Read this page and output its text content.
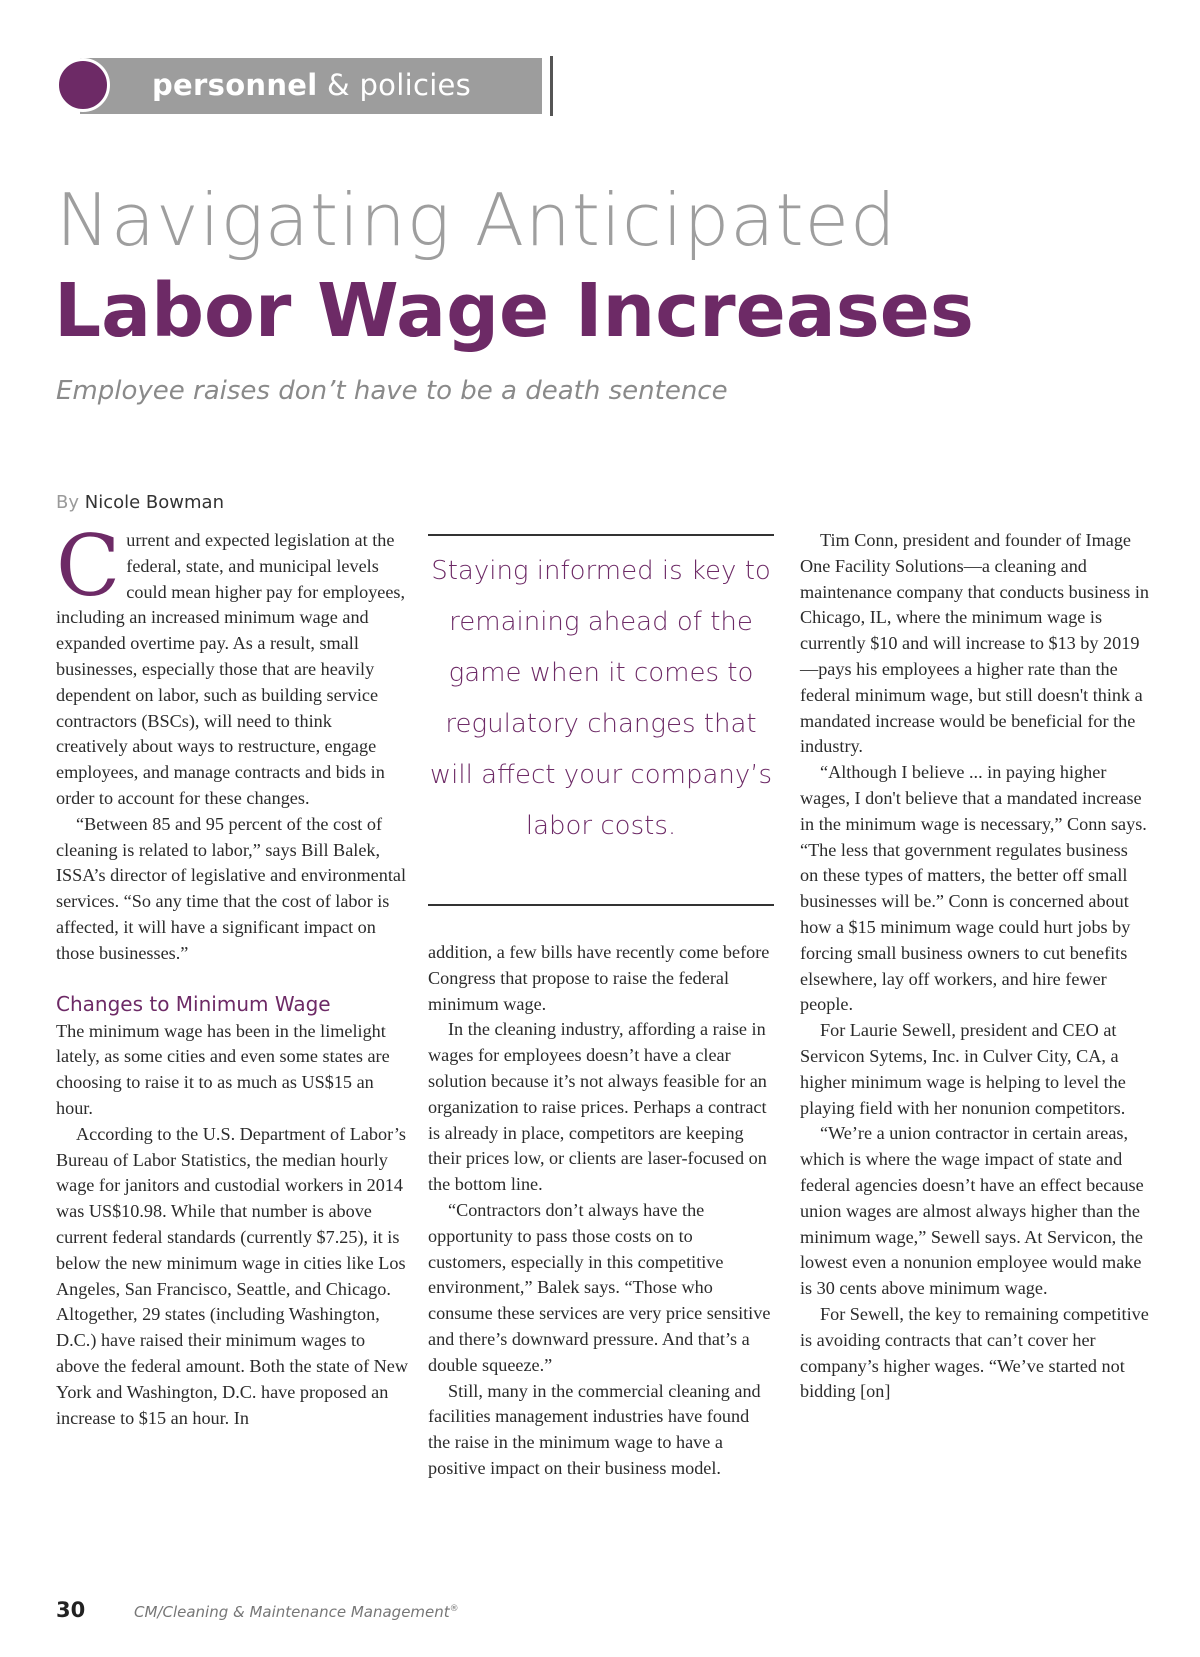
personnel & policies
Navigating Anticipated
Labor Wage Increases
Employee raises don’t have to be a death sentence
By Nicole Bowman

Current and expected legislation at the federal, state, and municipal levels could mean higher pay for employees, including an increased minimum wage and expanded overtime pay. As a result, small businesses, especially those that are heavily dependent on labor, such as building service contractors (BSCs), will need to think creatively about ways to restructure, engage employees, and manage contracts and bids in order to account for these changes.

“Between 85 and 95 percent of the cost of cleaning is related to labor,” says Bill Balek, ISSA’s director of legislative and environmental services. “So any time that the cost of labor is affected, it will have a significant impact on those businesses.”

Changes to Minimum Wage

The minimum wage has been in the limelight lately, as some cities and even some states are choosing to raise it to as much as US$15 an hour.

According to the U.S. Department of Labor’s Bureau of Labor Statistics, the median hourly wage for janitors and custodial workers in 2014 was US$10.98. While that number is above current federal standards (currently $7.25), it is below the new minimum wage in cities like Los Angeles, San Francisco, Seattle, and Chicago. Altogether, 29 states (including Washington, D.C.) have raised their minimum wages to above the federal amount. Both the state of New York and Washington, D.C. have proposed an increase to $15 an hour. In

Staying informed is key to remaining ahead of the game when it comes to regulatory changes that will affect your company’s labor costs.

addition, a few bills have recently come before Congress that propose to raise the federal minimum wage.

In the cleaning industry, affording a raise in wages for employees doesn’t have a clear solution because it’s not always feasible for an organization to raise prices. Perhaps a contract is already in place, competitors are keeping their prices low, or clients are laser-focused on the bottom line.

“Contractors don’t always have the opportunity to pass those costs on to customers, especially in this competitive environment,” Balek says. “Those who consume these services are very price sensitive and there’s downward pressure. And that’s a double squeeze.”

Still, many in the commercial cleaning and facilities management industries have found the raise in the minimum wage to have a positive impact on their business model.

Tim Conn, president and founder of Image One Facility Solutions—a cleaning and maintenance company that conducts business in Chicago, IL, where the minimum wage is currently $10 and will increase to $13 by 2019—pays his employees a higher rate than the federal minimum wage, but still doesn't think a mandated increase would be beneficial for the industry.

“Although I believe ... in paying higher wages, I don't believe that a mandated increase in the minimum wage is necessary,” Conn says. “The less that government regulates business on these types of matters, the better off small businesses will be.” Conn is concerned about how a $15 minimum wage could hurt jobs by forcing small business owners to cut benefits elsewhere, lay off workers, and hire fewer people.

For Laurie Sewell, president and CEO at Servicon Sytems, Inc. in Culver City, CA, a higher minimum wage is helping to level the playing field with her nonunion competitors.

“We’re a union contractor in certain areas, which is where the wage impact of state and federal agencies doesn’t have an effect because union wages are almost always higher than the minimum wage,” Sewell says. At Servicon, the lowest even a nonunion employee would make is 30 cents above minimum wage.

For Sewell, the key to remaining competitive is avoiding contracts that can’t cover her company’s higher wages. “We’ve started not bidding [on]

30	CM/Cleaning & Maintenance Management®
